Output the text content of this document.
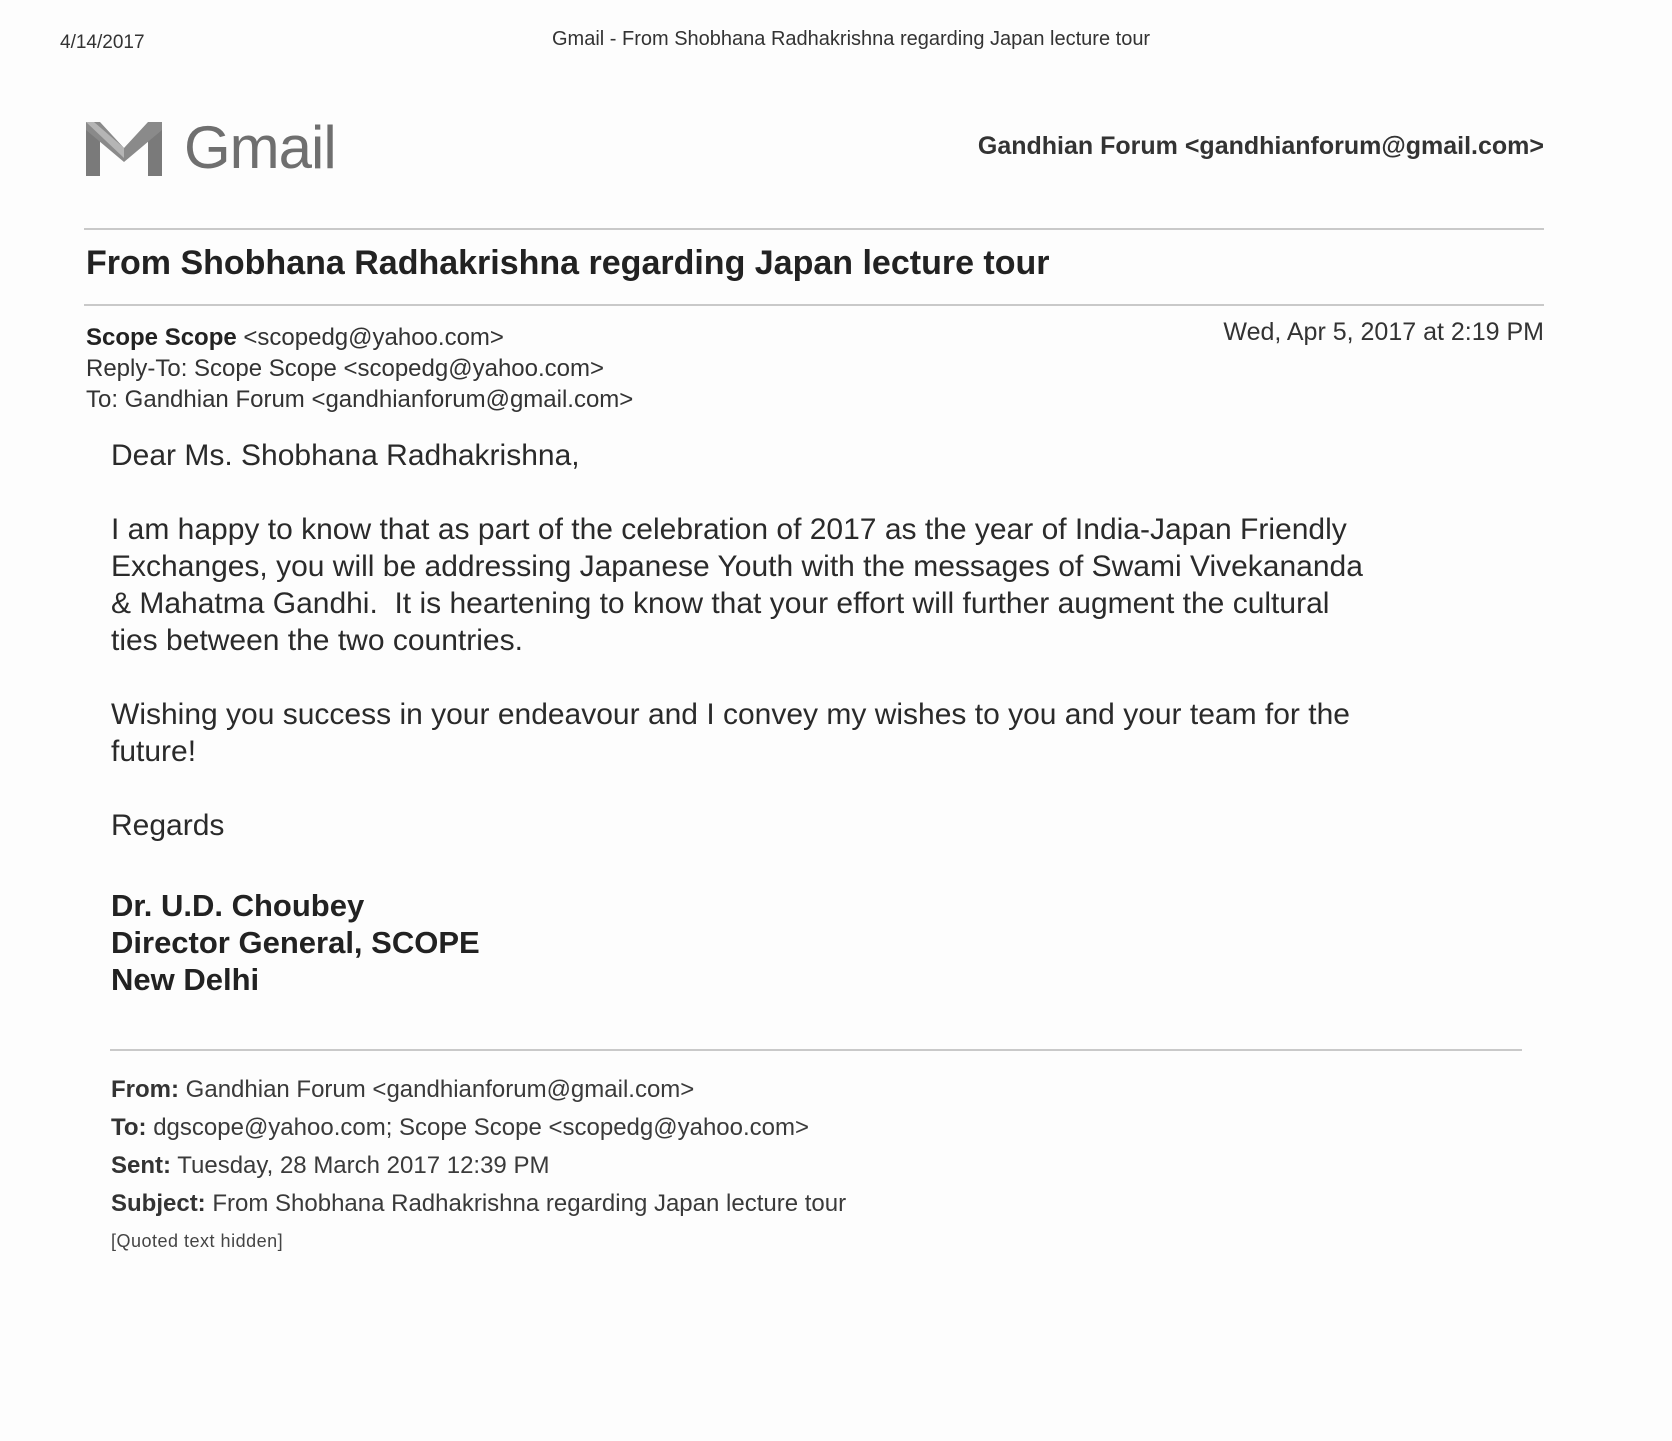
4/14/2017	Gmail - From Shobhana Radhakrishna regarding Japan lecture tour
Gmail	Gandhian Forum <gandhianforum@gmail.com>
From Shobhana Radhakrishna regarding Japan lecture tour
Scope Scope <scopedg@yahoo.com>
Reply-To: Scope Scope <scopedg@yahoo.com>
To: Gandhian Forum <gandhianforum@gmail.com>
Wed, Apr 5, 2017 at 2:19 PM

Dear Ms. Shobhana Radhakrishna,

I am happy to know that as part of the celebration of 2017 as the year of India-Japan Friendly

Exchanges, you will be addressing Japanese Youth with the messages of Swami Vivekananda

& Mahatma Gandhi.  It is heartening to know that your effort will further augment the cultural

ties between the two countries.

Wishing you success in your endeavour and I convey my wishes to you and your team for the

future!

Regards

Dr. U.D. Choubey
Director General, SCOPE
New Delhi
From: Gandhian Forum <gandhianforum@gmail.com>
To: dgscope@yahoo.com; Scope Scope <scopedg@yahoo.com>
Sent: Tuesday, 28 March 2017 12:39 PM
Subject: From Shobhana Radhakrishna regarding Japan lecture tour
[Quoted text hidden]
